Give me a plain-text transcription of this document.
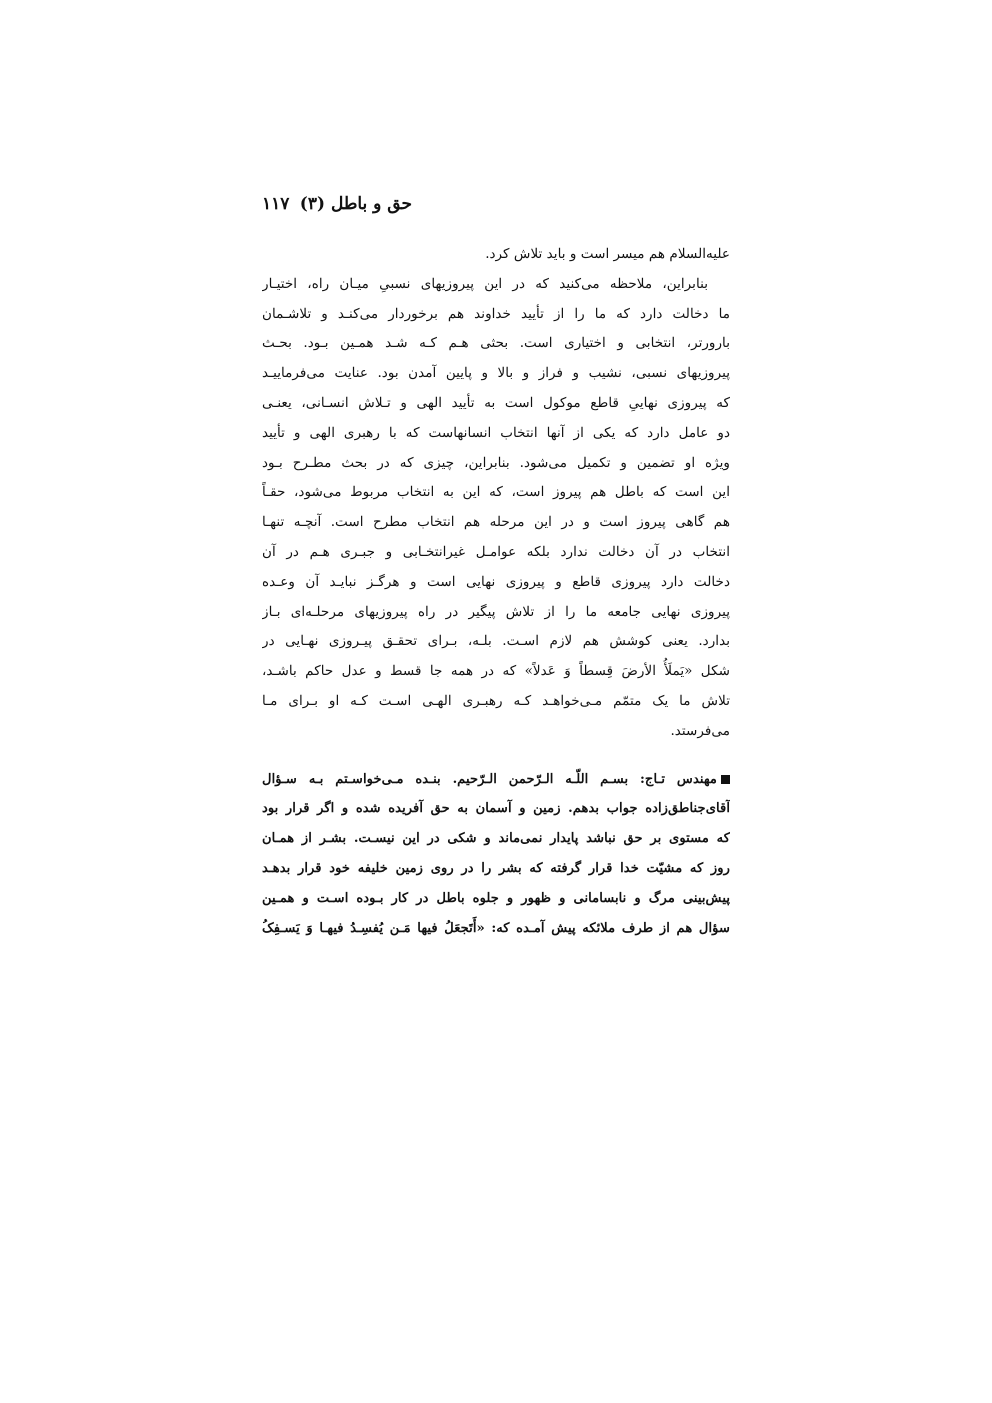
۱۱۷ حق و باطل (۳)
علیه‌السلام هم میسر است و باید تلاش کرد.
بنابراین، ملاحظه می‌کنید که در این پیروزیهای نسبیِ میـان راه، اختیـار
ما دخالت دارد که ما را از تأیید خداوند هم برخوردار می‌کنـد و تلاشـمان
بارورتر، انتخابی و اختیاری است. بحثی هـم کـه شـد همـین بـود. بحـث
پیروزیهای نسبی، نشیب و فراز و بالا و پایین آمدن بود. عنایت می‌فرماییـد
که پیروزی نهاییِ قاطع موکول است به تأیید الهی و تـلاش انسـانی، یعنـی
دو عامل دارد که یکی از آنها انتخاب انسانهاست که با رهبری الهی و تأیید
ویژه او تضمین و تکمیل می‌شود. بنابراین، چیزی که در بحث مطـرح بـود
این است که باطل هم پیروز است، که این به انتخاب مربوط می‌شود، حقـاً
هم گاهی پیروز است و در این مرحله هم انتخاب مطرح است. آنچـه تنهـا
انتخاب در آن دخالت ندارد بلکه عوامـل غیرانتخـابی و جبـری هـم در آن
دخالت دارد پیروزی قاطع و پیروزی نهایی است و هرگـز نبایـد آن وعـده
پیروزی نهایی جامعه ما را از تلاش پیگیر در راه پیروزیهای مرحلـه‌ای بـاز
بدارد. یعنی کوشش هم لازم اسـت. بلـه، بـرای تحقـق پیـروزی نهـایی در
شکل «یَملَأُ الأرضَ قِسطاً وَ عَدلاً» که در همه جا قسط و عدل حاکم باشـد،
تلاش ما یک متمّم مـی‌خواهـد کـه رهبـری الهـی اسـت کـه او بـرای مـا
می‌فرستد.
مهندس تـاج: بسـم اللّـه الـرّحمن الـرّحیم. بنـده مـی‌خواسـتم بـه سـؤال
آقای‌جناطق‌زاده جواب بدهم. زمین و آسمان به حق آفریده شده و اگر قرار بود
که مستوی بر حق نباشد پایدار نمی‌ماند و شکی در این نیسـت. بشـر از همـان
روز که مشیّت خدا قرار گرفته که بشر را در روی زمین خلیفه خود قرار بدهـد
پیش‌بینی مرگ و نابسامانی و ظهور و جلوه باطل در کار بـوده اسـت و همـین
سؤال هم از طرف ملائکه پیش آمـده که: «أَتَجعَلُ فیها مَـن یُفسِـدُ فیهـا وَ یَسـفِکُ
